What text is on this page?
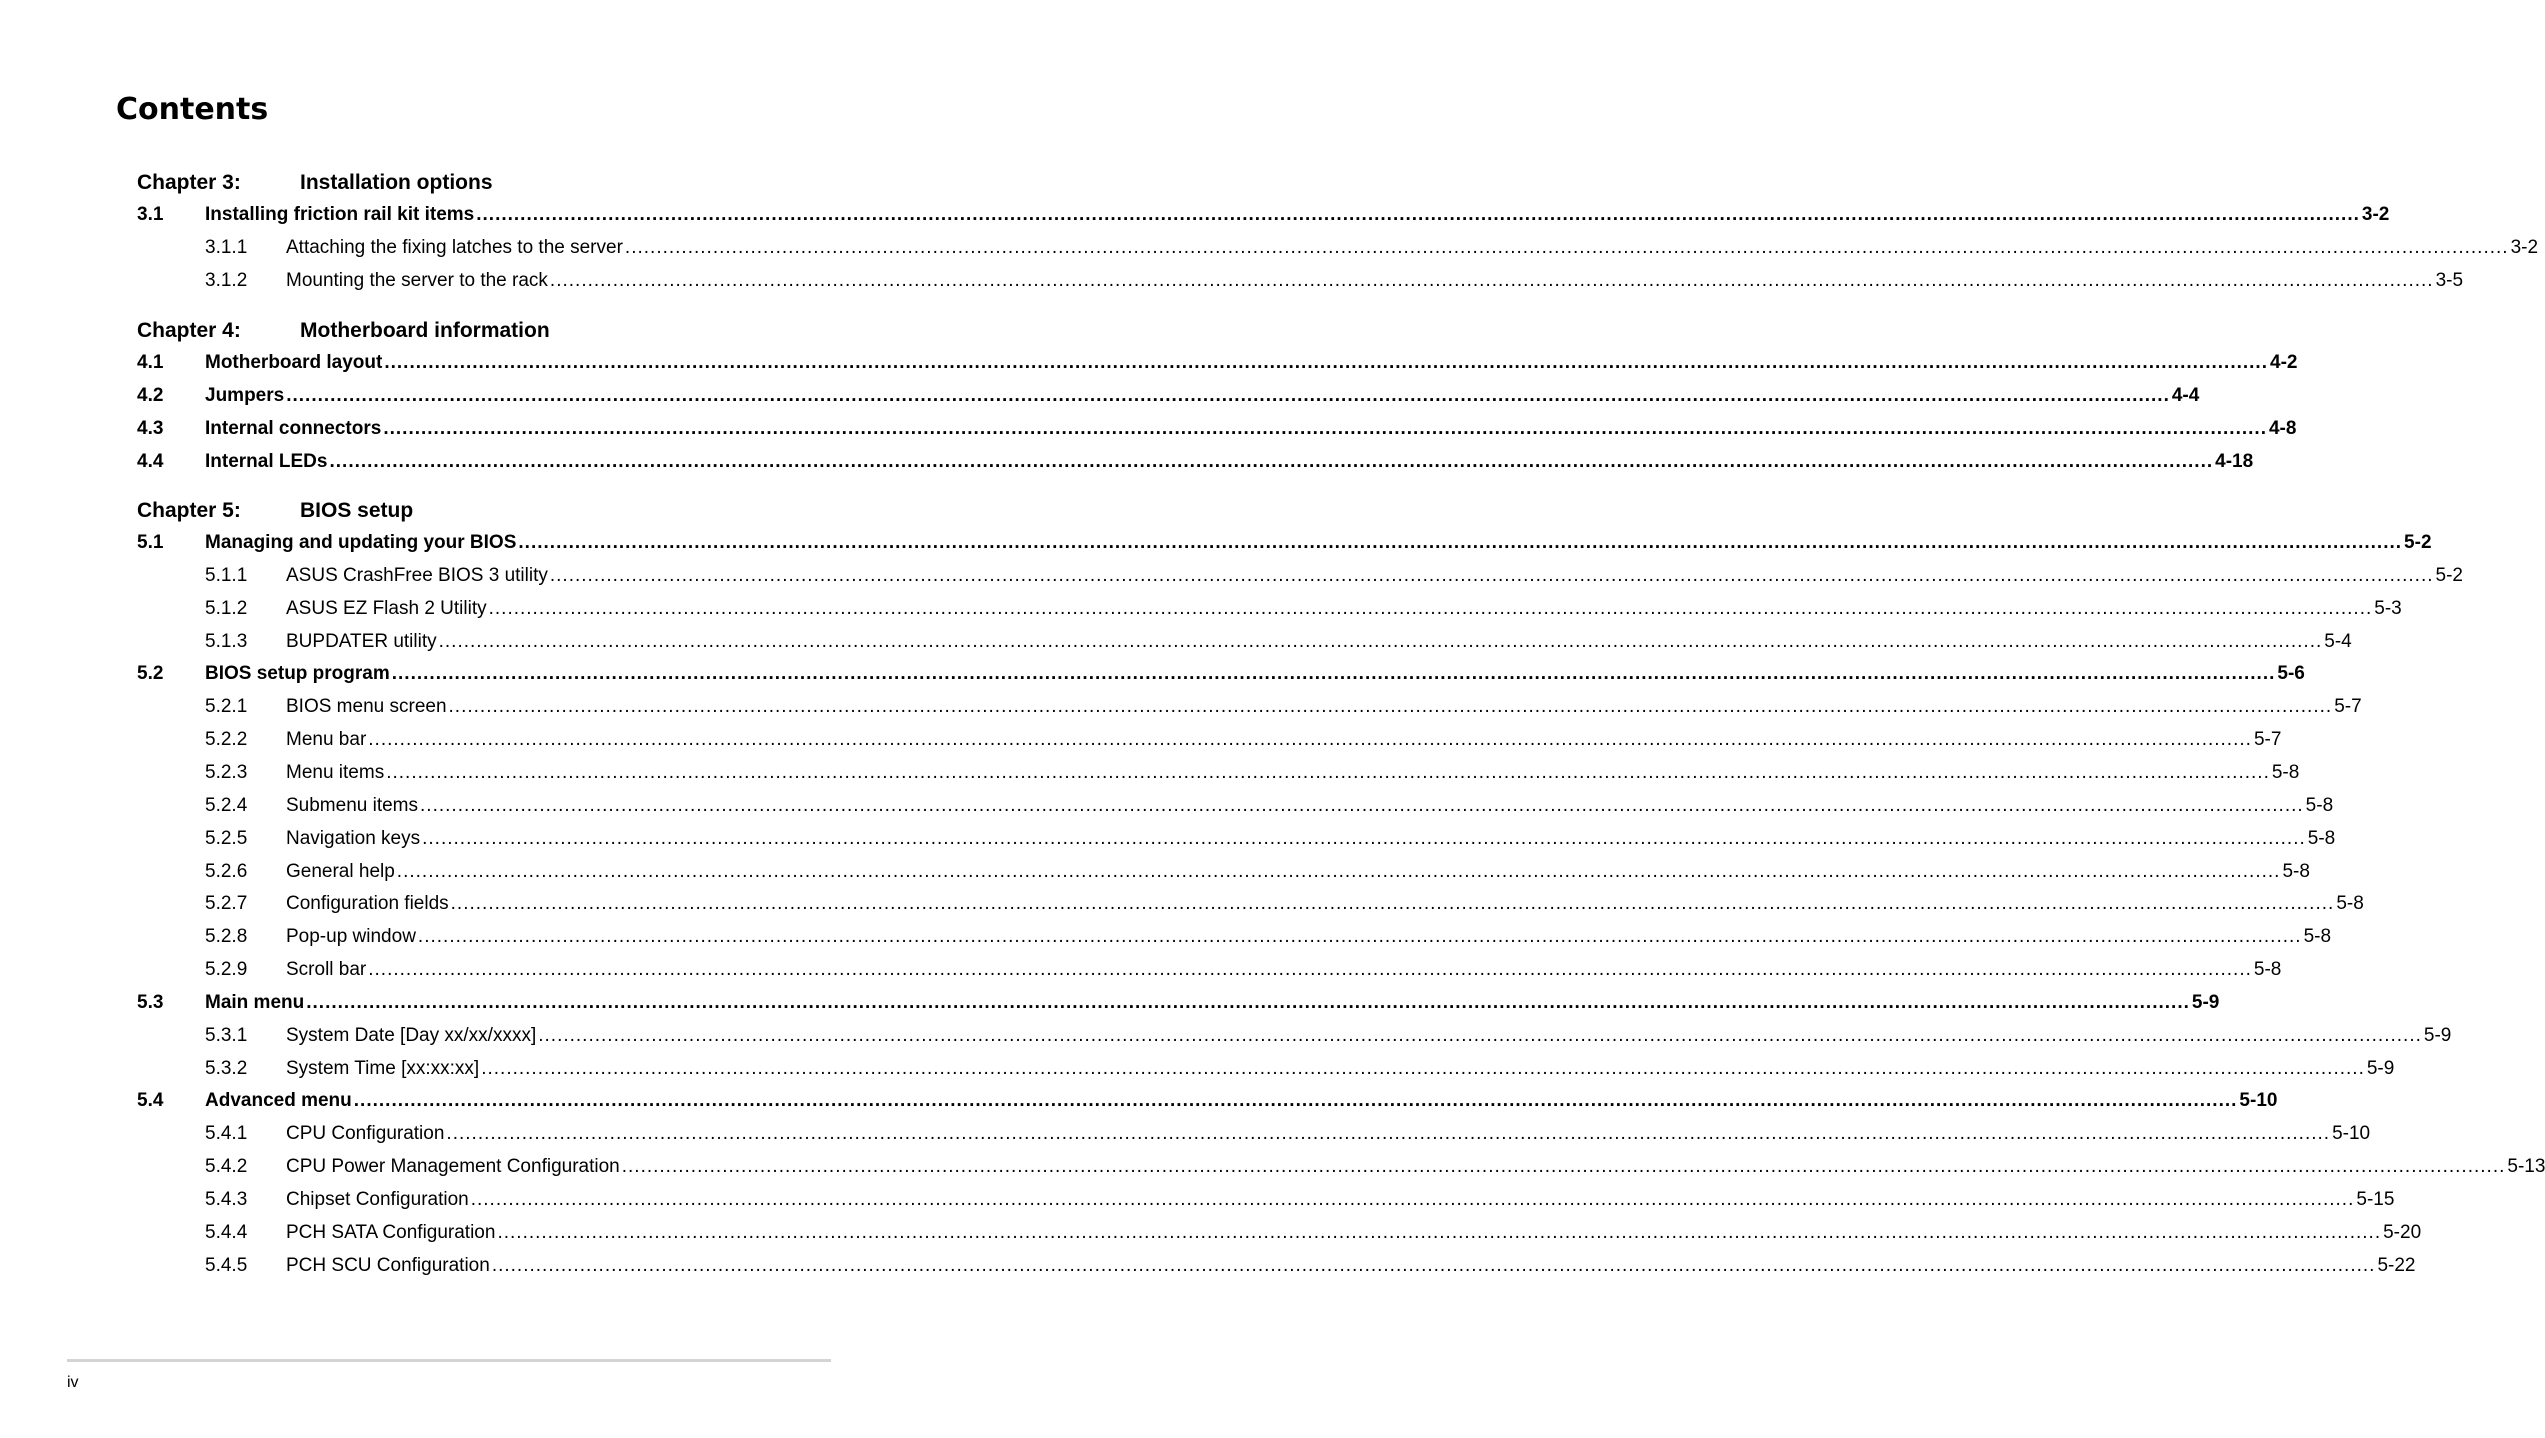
Contents
Chapter 3:	Installation options
3.1	Installing friction rail kit items ............................................................................................................................................................................................................................................................................................................ 3-2
3.1.1	Attaching the fixing latches to the server ............................................................................................................................................................................................................................................................................................................ 3-2
3.1.2	Mounting the server to the rack ............................................................................................................................................................................................................................................................................................................ 3-5
Chapter 4:	Motherboard information
4.1	Motherboard layout ............................................................................................................................................................................................................................................................................................................ 4-2
4.2	Jumpers ............................................................................................................................................................................................................................................................................................................ 4-4
4.3	Internal connectors ............................................................................................................................................................................................................................................................................................................ 4-8
4.4	Internal LEDs ............................................................................................................................................................................................................................................................................................................ 4-18
Chapter 5:	BIOS setup
5.1	Managing and updating your BIOS ............................................................................................................................................................................................................................................................................................................ 5-2
5.1.1	ASUS CrashFree BIOS 3 utility ............................................................................................................................................................................................................................................................................................................ 5-2
5.1.2	ASUS EZ Flash 2 Utility ............................................................................................................................................................................................................................................................................................................ 5-3
5.1.3	BUPDATER utility ............................................................................................................................................................................................................................................................................................................ 5-4
5.2	BIOS setup program ............................................................................................................................................................................................................................................................................................................ 5-6
5.2.1	BIOS menu screen ............................................................................................................................................................................................................................................................................................................ 5-7
5.2.2	Menu bar ............................................................................................................................................................................................................................................................................................................ 5-7
5.2.3	Menu items ............................................................................................................................................................................................................................................................................................................ 5-8
5.2.4	Submenu items ............................................................................................................................................................................................................................................................................................................ 5-8
5.2.5	Navigation keys ............................................................................................................................................................................................................................................................................................................ 5-8
5.2.6	General help ............................................................................................................................................................................................................................................................................................................ 5-8
5.2.7	Configuration fields ............................................................................................................................................................................................................................................................................................................ 5-8
5.2.8	Pop-up window ............................................................................................................................................................................................................................................................................................................ 5-8
5.2.9	Scroll bar ............................................................................................................................................................................................................................................................................................................ 5-8
5.3	Main menu ............................................................................................................................................................................................................................................................................................................ 5-9
5.3.1	System Date [Day xx/xx/xxxx] ............................................................................................................................................................................................................................................................................................................ 5-9
5.3.2	System Time [xx:xx:xx] ............................................................................................................................................................................................................................................................................................................ 5-9
5.4	Advanced menu ............................................................................................................................................................................................................................................................................................................ 5-10
5.4.1	CPU Configuration ............................................................................................................................................................................................................................................................................................................ 5-10
5.4.2	CPU Power Management Configuration ............................................................................................................................................................................................................................................................................................................ 5-13
5.4.3	Chipset Configuration ............................................................................................................................................................................................................................................................................................................ 5-15
5.4.4	PCH SATA Configuration ............................................................................................................................................................................................................................................................................................................ 5-20
5.4.5	PCH SCU Configuration ............................................................................................................................................................................................................................................................................................................ 5-22
iv
